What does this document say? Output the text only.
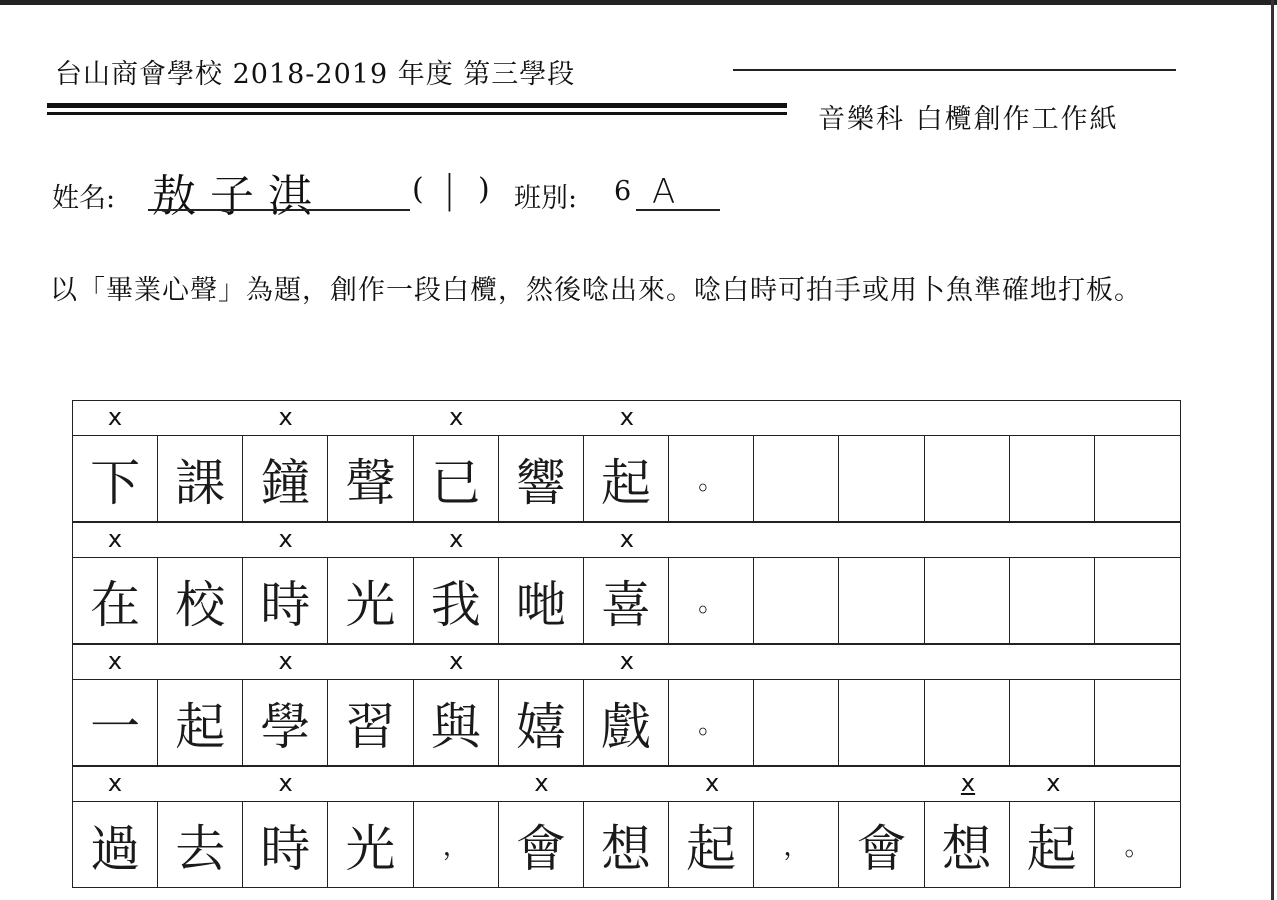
台山商會學校 2018-2019 年度 第三學段
音樂科 白欖創作工作紙
姓名: 敖子淇	( | ) 班別: 6 A
以「畢業心聲」為題，創作一段白欖，然後唸出來。唸白時可拍手或用卜魚準確地打板。
x	x	x	x
下 課 鐘 聲 已 響 起	。
x	x	x	x
在 校 時 光 我 哋 喜	。
x	x	x	x
一 起 學 習 與 嬉 戲	。
x	x	x	x	x	x
過 去 時 光	， 會 想 起	， 會 想 起	。
